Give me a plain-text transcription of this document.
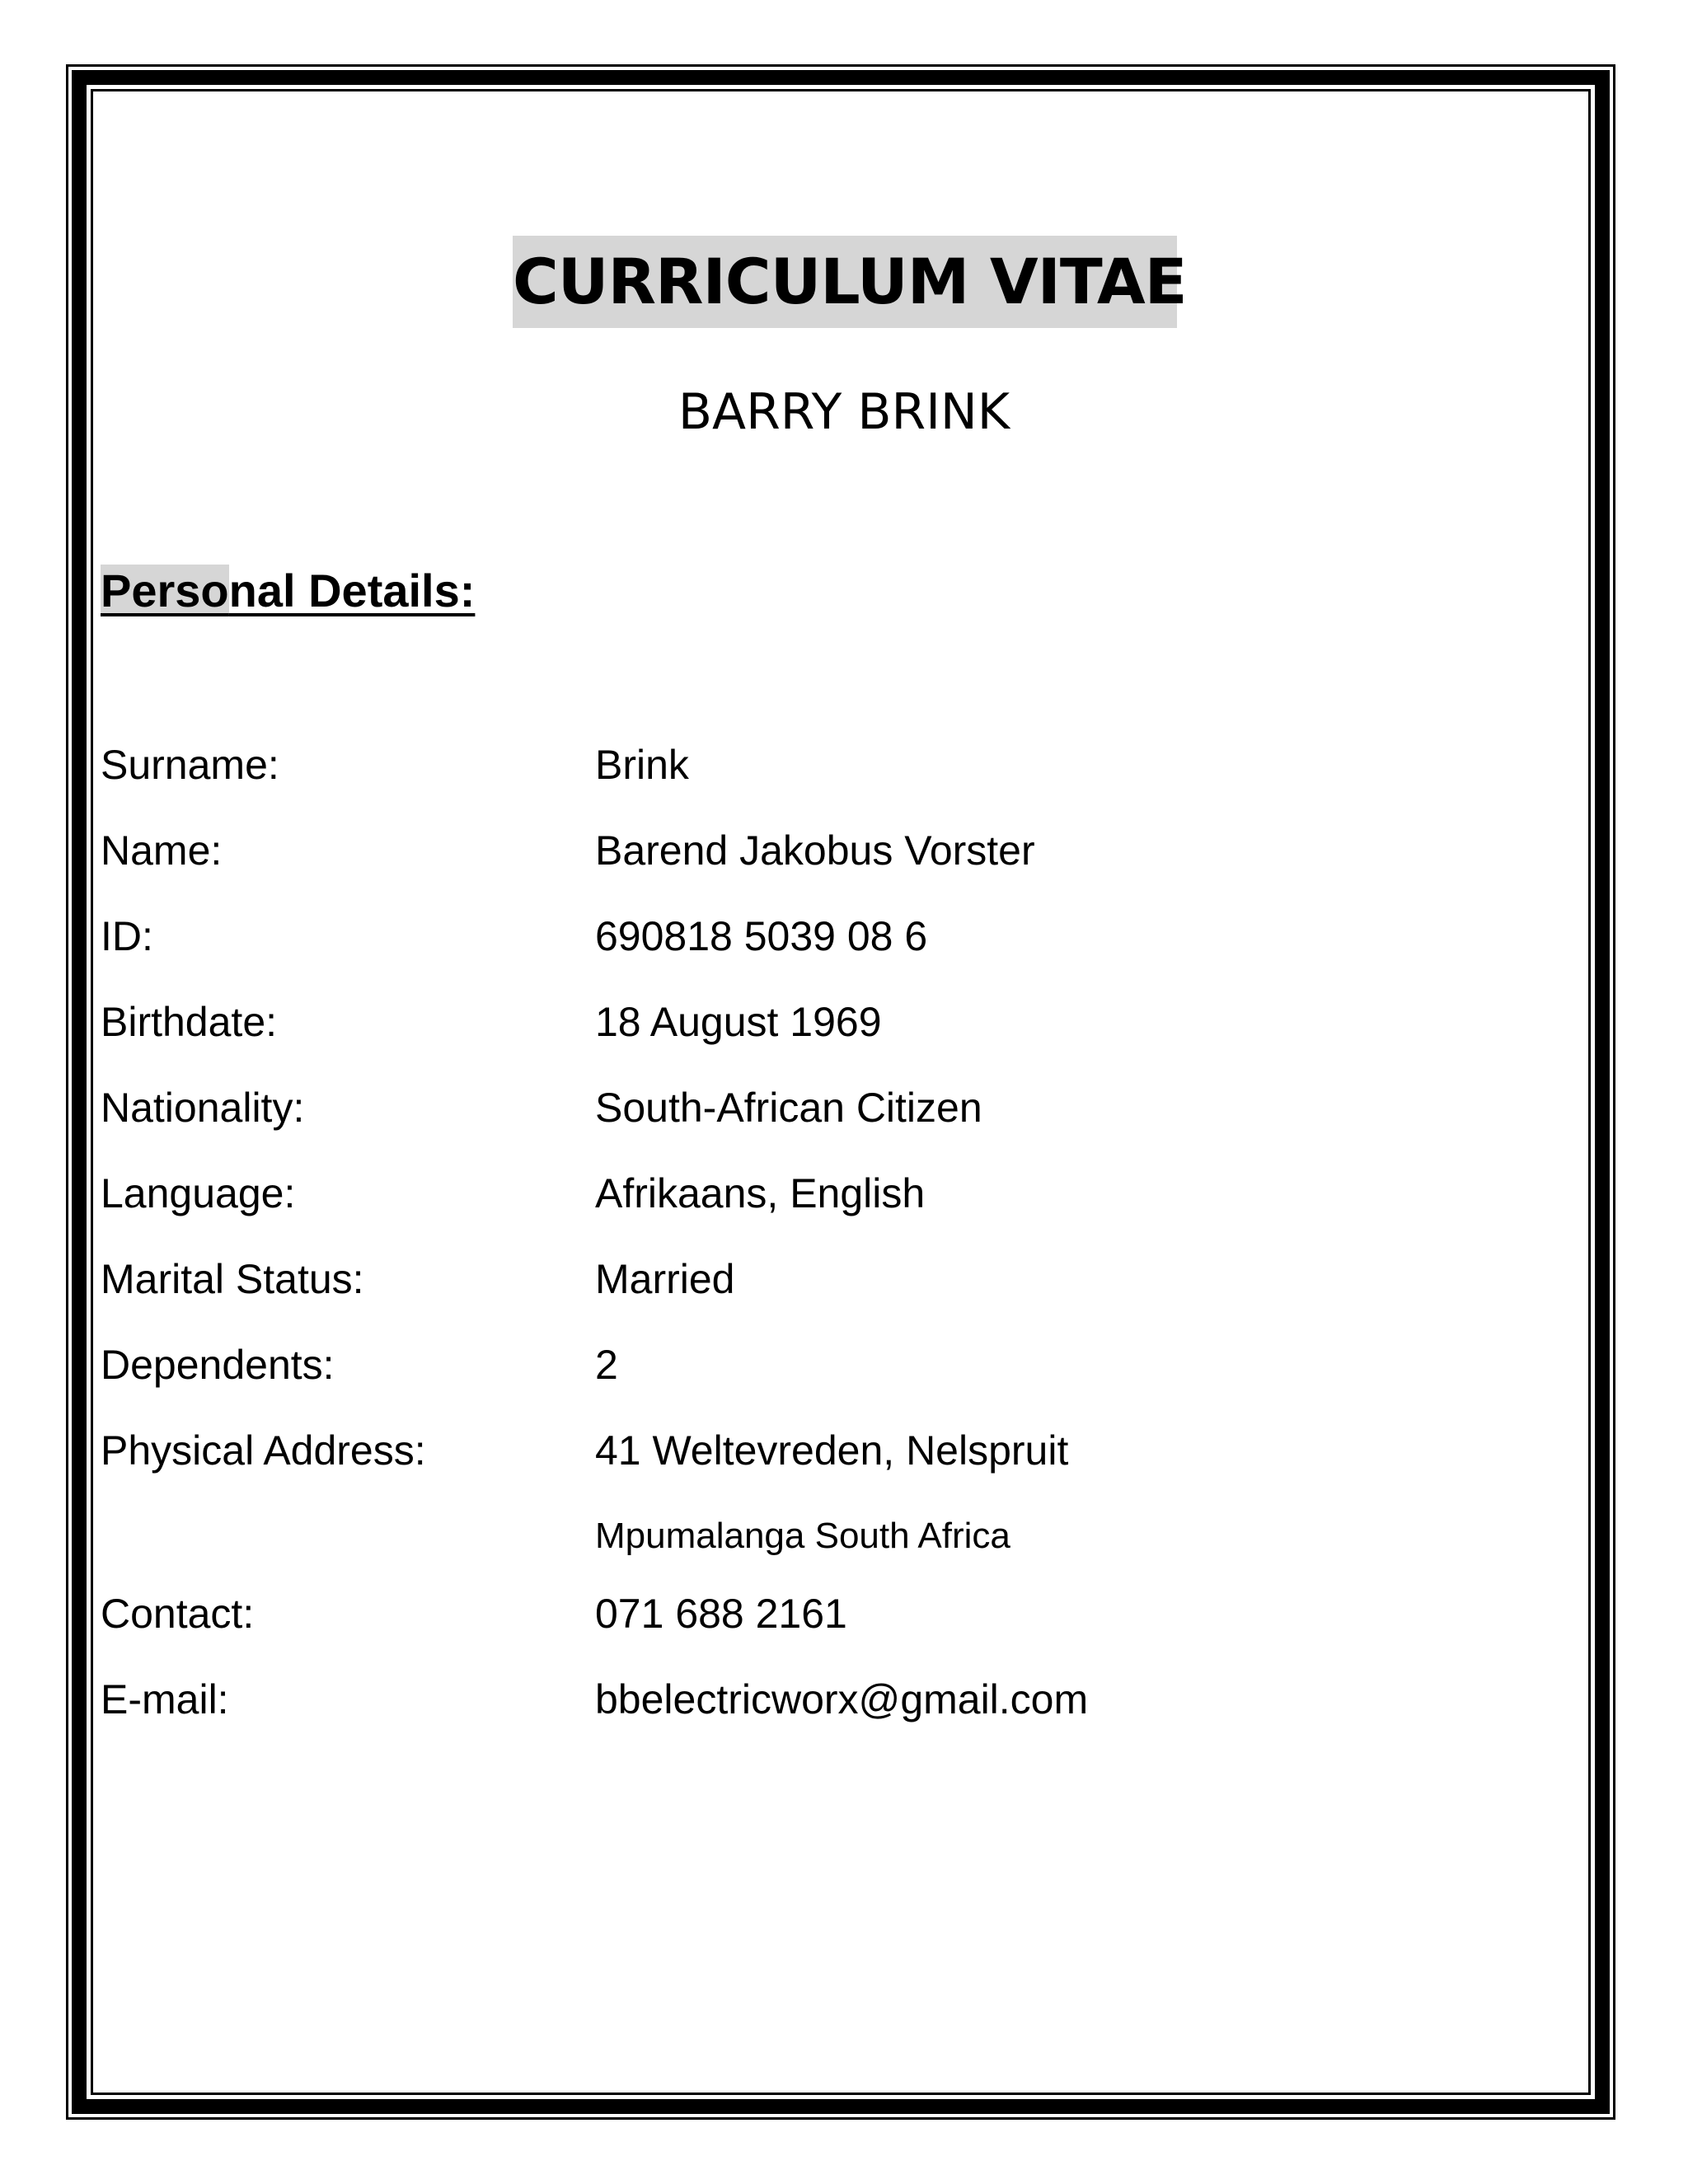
CURRICULUM VITAE
BARRY BRINK
Personal Details:
Surname:	Brink
Name:	Barend Jakobus Vorster
ID:	690818 5039 08 6
Birthdate:	18 August 1969
Nationality:	South-African Citizen
Language:	Afrikaans, English
Marital Status:	Married
Dependents:	2
Physical Address:	41 Weltevreden, Nelspruit
Mpumalanga South Africa
Contact:	071 688 2161
E-mail:	bbelectricworx@gmail.com
